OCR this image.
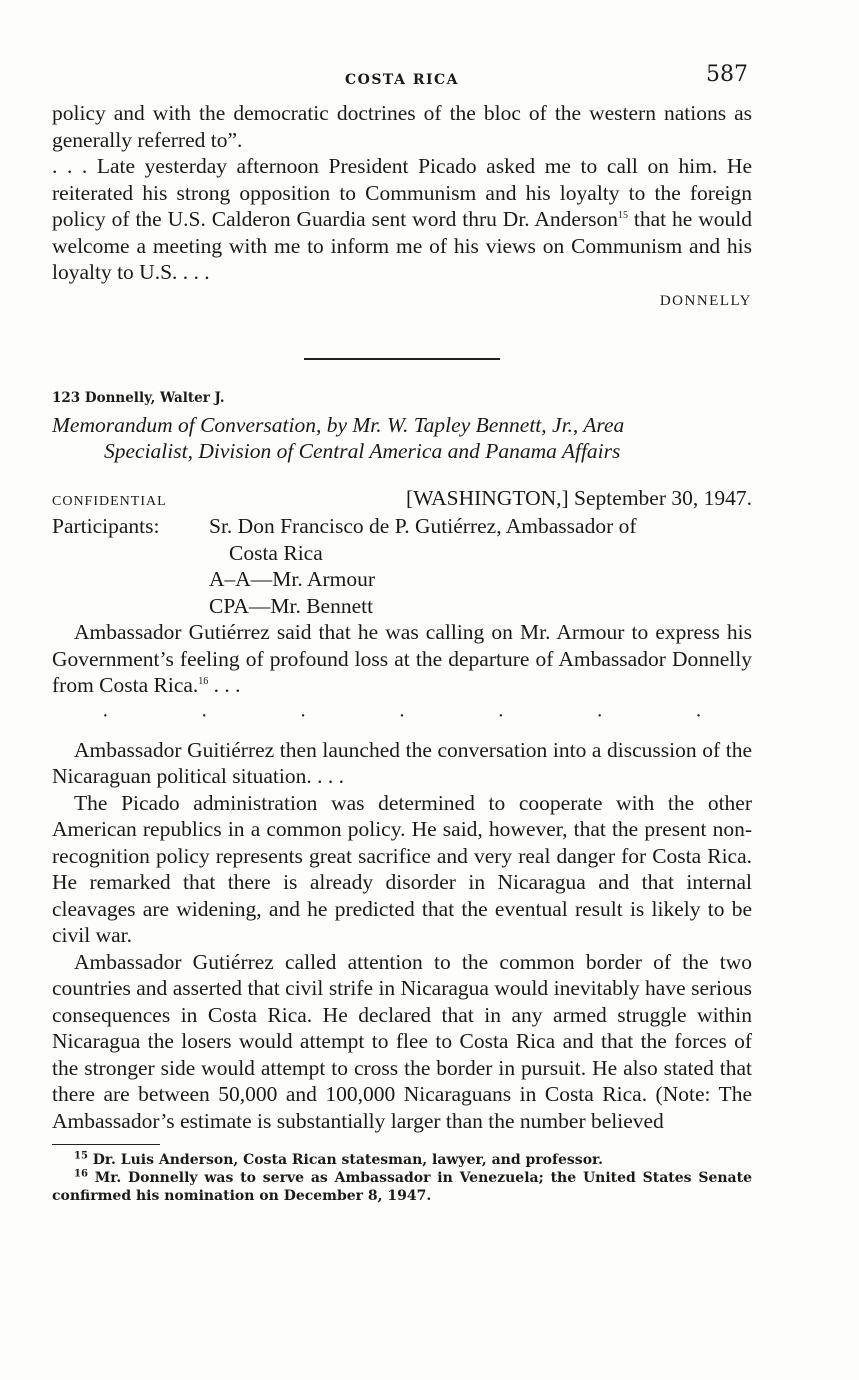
COSTA RICA	587

policy and with the democratic doctrines of the bloc of the western nations as generally referred to”.

. . . Late yesterday afternoon President Picado asked me to call on him. He reiterated his strong opposition to Communism and his loyalty to the foreign policy of the U.S. Calderon Guardia sent word thru Dr. Anderson$^{15}$ that he would welcome a meeting with me to inform me of his views on Communism and his loyalty to U.S. . . .

DONNELLY
123 Donnelly, Walter J.
Memorandum of Conversation, by Mr. W. Tapley Bennett, Jr., Area
Specialist, Division of Central America and Panama Affairs
CONFIDENTIAL	[WASHINGTON,] September 30, 1947.
Participants:	Sr. Don Francisco de P. Gutiérrez, Ambassador of
Costa Rica
A–A—Mr. Armour
CPA—Mr. Bennett

Ambassador Gutiérrez said that he was calling on Mr. Armour to express his Government’s feeling of profound loss at the departure of Ambassador Donnelly from Costa Rica.$^{16}$ . . .

·	·	·	·	·	·	·

Ambassador Guitiérrez then launched the conversation into a discussion of the Nicaraguan political situation. . . .

The Picado administration was determined to cooperate with the other American republics in a common policy. He said, however, that the present non-recognition policy represents great sacrifice and very real danger for Costa Rica. He remarked that there is already disorder in Nicaragua and that internal cleavages are widening, and he predicted that the eventual result is likely to be civil war.

Ambassador Gutiérrez called attention to the common border of the two countries and asserted that civil strife in Nicaragua would inevitably have serious consequences in Costa Rica. He declared that in any armed struggle within Nicaragua the losers would attempt to flee to Costa Rica and that the forces of the stronger side would attempt to cross the border in pursuit. He also stated that there are between 50,000 and 100,000 Nicaraguans in Costa Rica. (Note: The Ambassador’s estimate is substantially larger than the number believed

$^{15}$ Dr. Luis Anderson, Costa Rican statesman, lawyer, and professor.

$^{16}$ Mr. Donnelly was to serve as Ambassador in Venezuela; the United States Senate confirmed his nomination on December 8, 1947.
